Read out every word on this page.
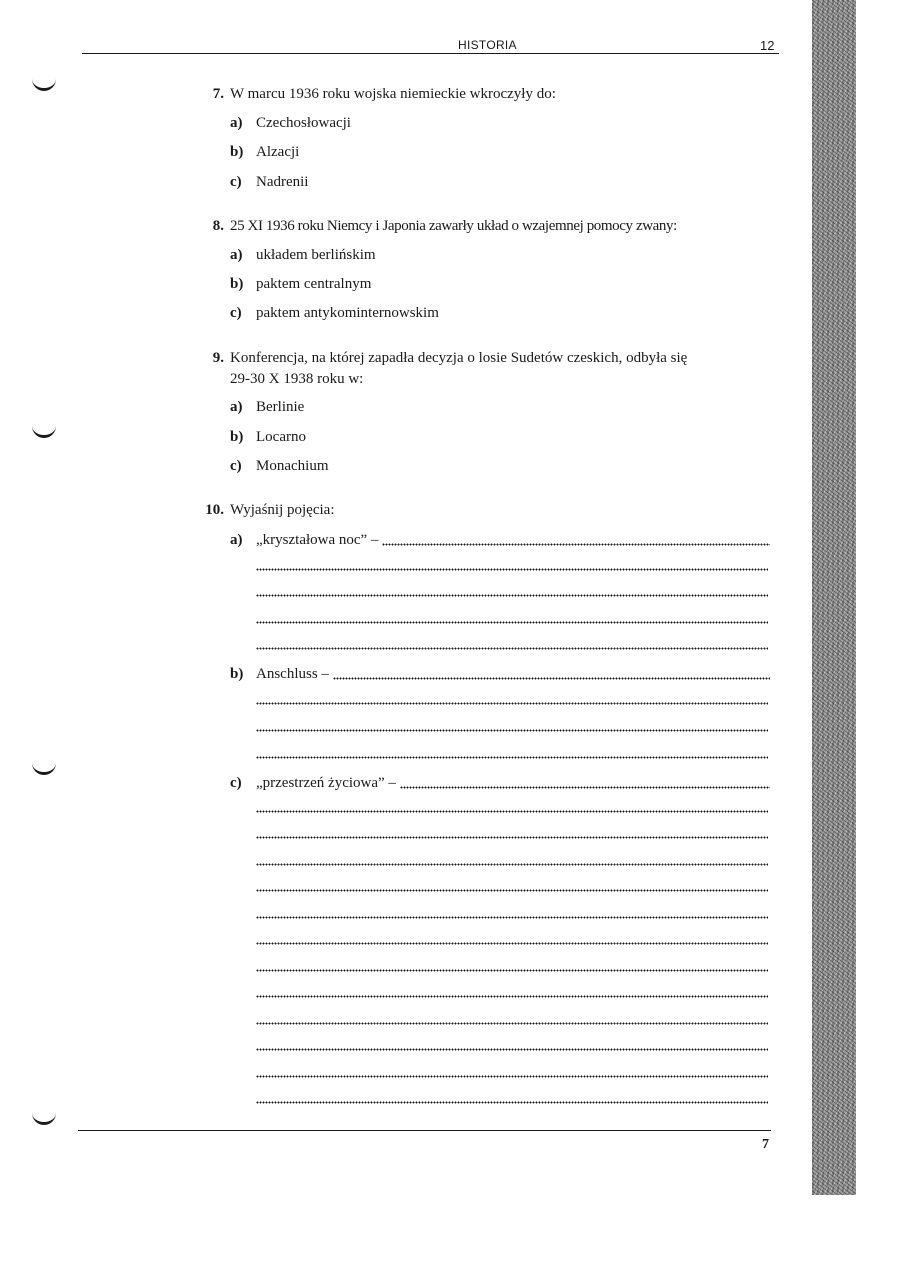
HISTORIA	12
7. W marcu 1936 roku wojska niemieckie wkroczyły do:
a) Czechosłowacji
b) Alzacji
c) Nadrenii
8. 25 XI 1936 roku Niemcy i Japonia zawarły układ o wzajemnej pomocy zwany:
a) układem berlińskim
b) paktem centralnym
c) paktem antykominternowskim
9. Konferencja, na której zapadła decyzja o losie Sudetów czeskich, odbyła się
29-30 X 1938 roku w:
a) Berlinie
b) Locarno
c) Monachium
10. Wyjaśnij pojęcia:
a) „kryształowa noc” –
b) Anschluss –
c) „przestrzeń życiowa” –
7
